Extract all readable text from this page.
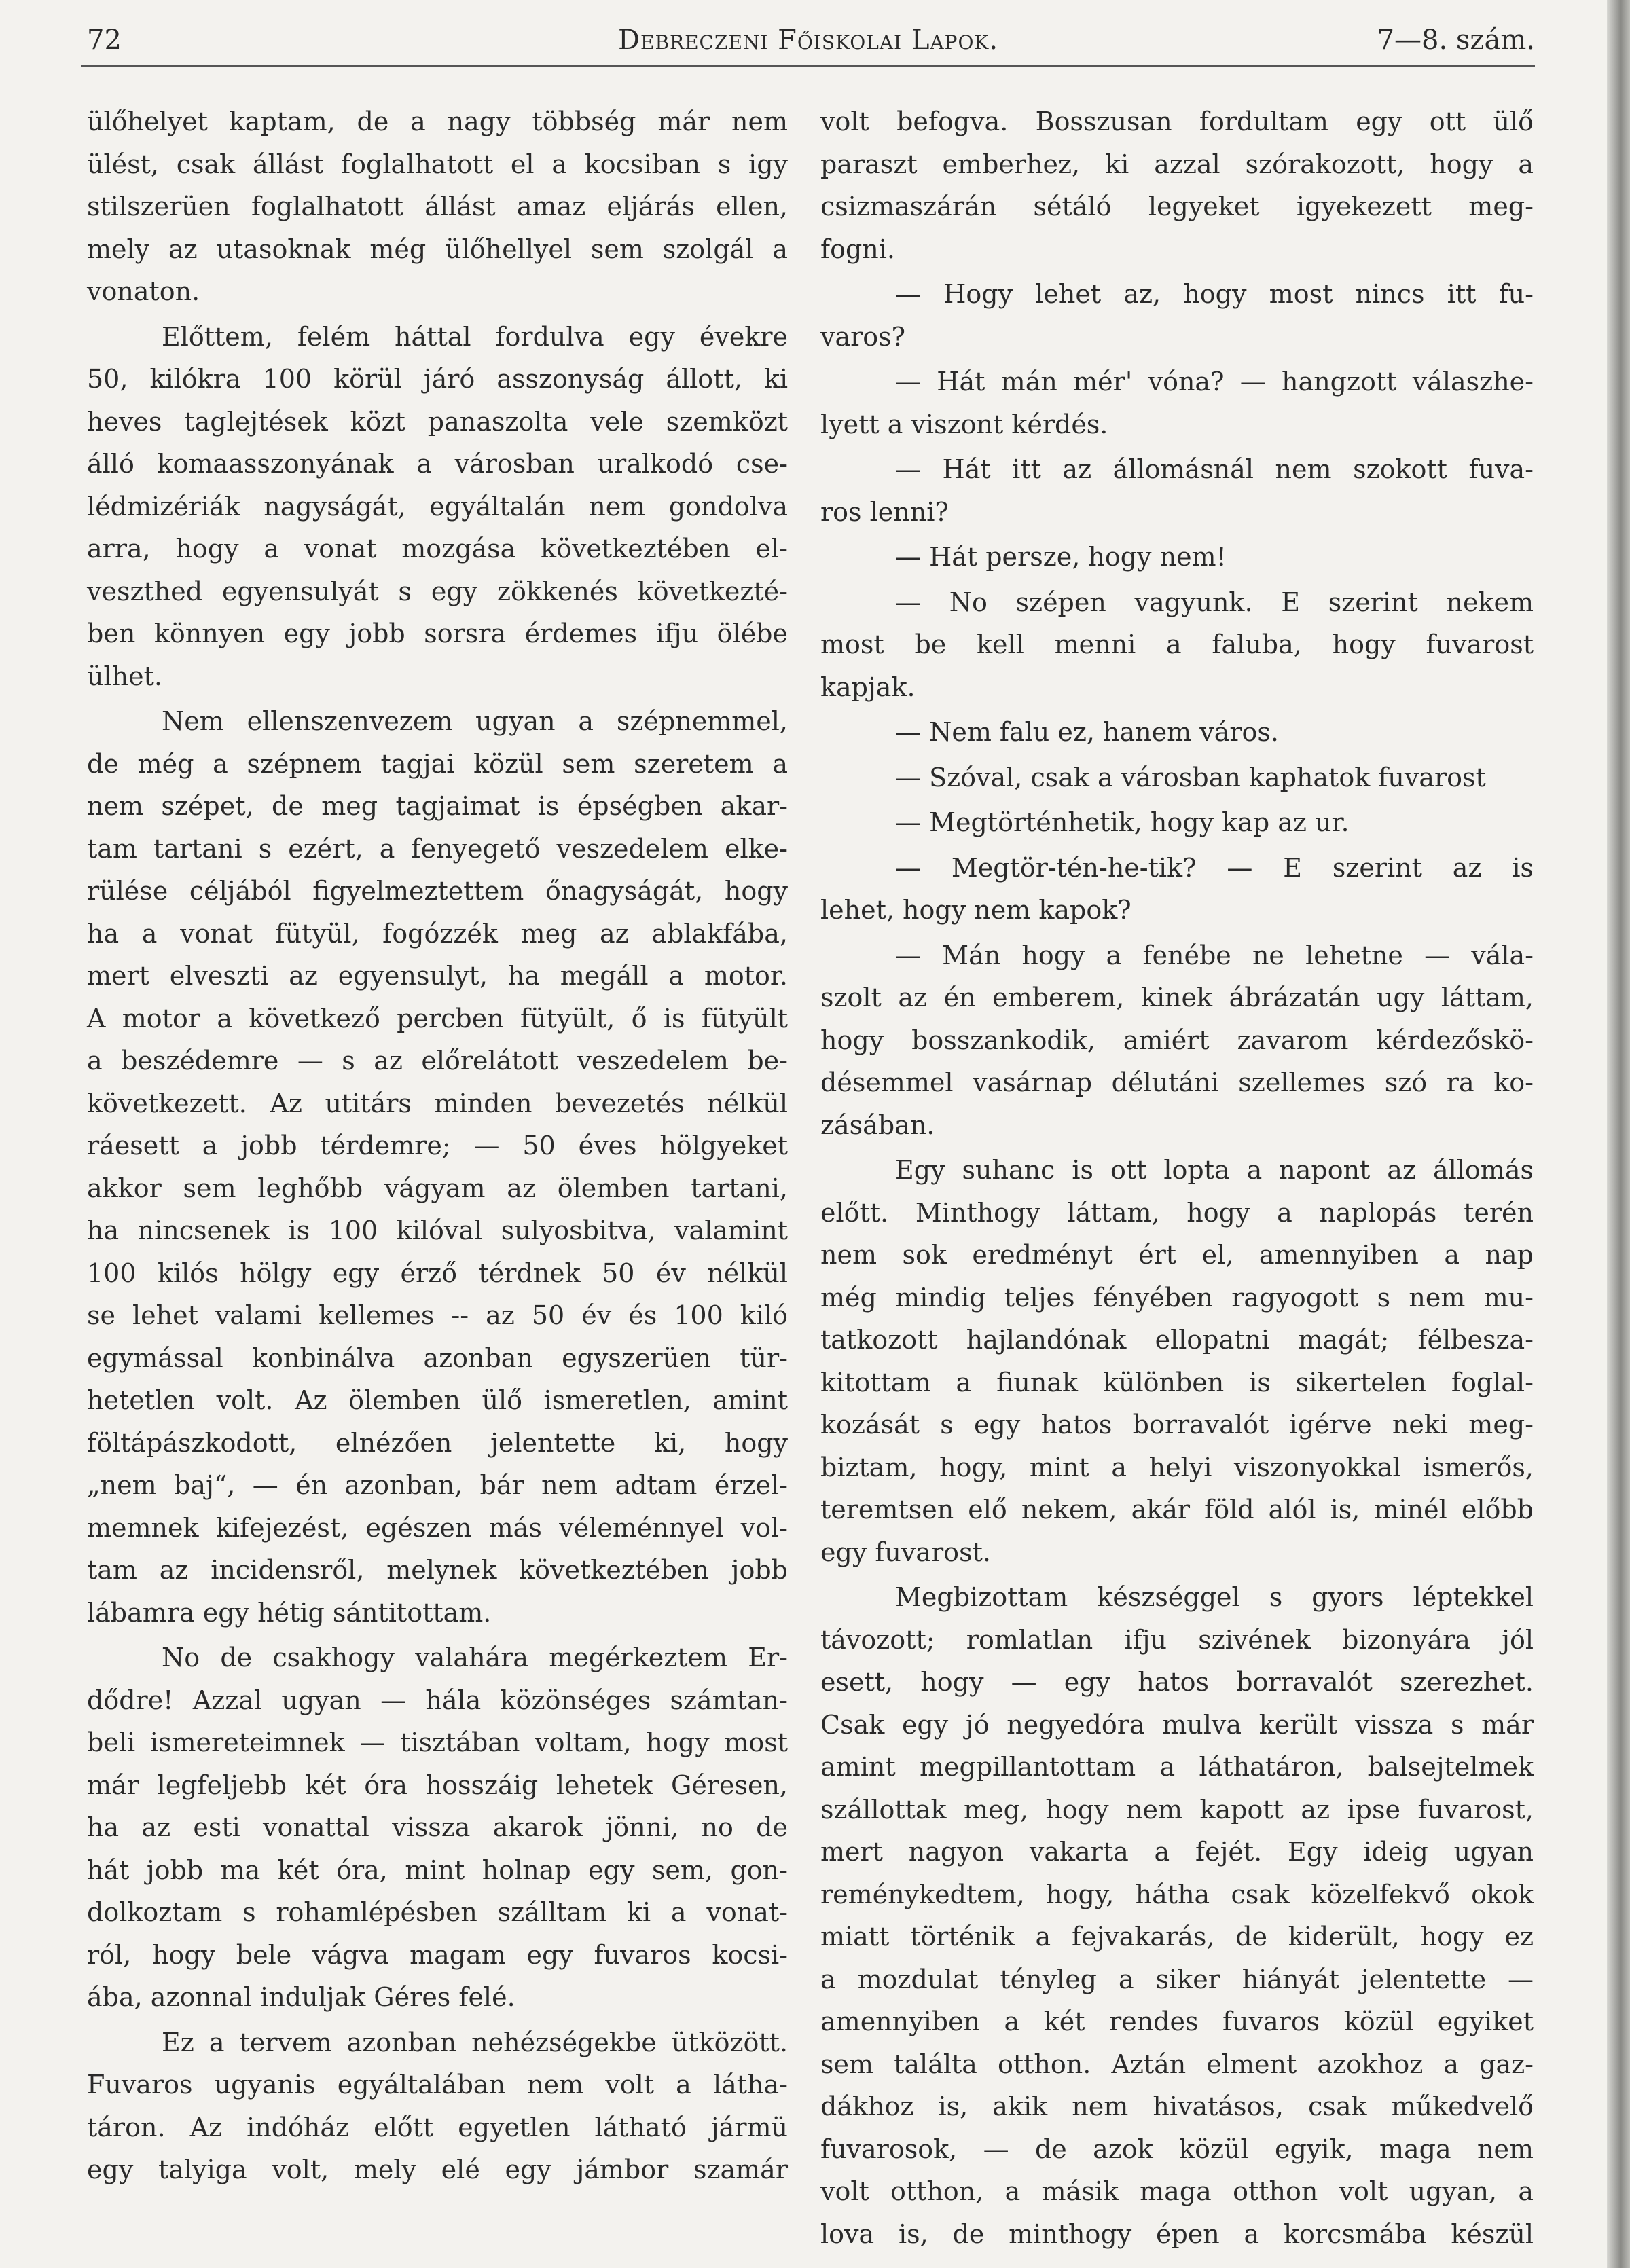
72	Debreczeni Főiskolai Lapok.	7—8. szám.
ülőhelyet kaptam, de a nagy többség már nem
ülést, csak állást foglalhatott el a kocsiban s igy
stilszerüen foglalhatott állást amaz eljárás ellen,
mely az utasoknak még ülőhellyel sem szolgál a
vonaton.
Előttem, felém háttal fordulva egy évekre
50, kilókra 100 körül járó asszonyság állott, ki
heves taglejtések közt panaszolta vele szemközt
álló komaasszonyának a városban uralkodó cse-
lédmizériák nagyságát, egyáltalán nem gondolva
arra, hogy a vonat mozgása következtében el-
veszthed egyensulyát s egy zökkenés következté-
ben könnyen egy jobb sorsra érdemes ifju ölébe
ülhet.
Nem ellenszenvezem ugyan a szépnemmel,
de még a szépnem tagjai közül sem szeretem a
nem szépet, de meg tagjaimat is épségben akar-
tam tartani s ezért, a fenyegető veszedelem elke-
rülése céljából figyelmeztettem őnagyságát, hogy
ha a vonat fütyül, fogózzék meg az ablakfába,
mert elveszti az egyensulyt, ha megáll a motor.
A motor a következő percben fütyült, ő is fütyült
a beszédemre — s az előrelátott veszedelem be-
következett. Az utitárs minden bevezetés nélkül
ráesett a jobb térdemre; — 50 éves hölgyeket
akkor sem leghőbb vágyam az ölemben tartani,
ha nincsenek is 100 kilóval sulyosbitva, valamint
100 kilós hölgy egy érző térdnek 50 év nélkül
se lehet valami kellemes -- az 50 év és 100 kiló
egymással konbinálva azonban egyszerüen tür-
hetetlen volt. Az ölemben ülő ismeretlen, amint
föltápászkodott, elnézően jelentette ki, hogy
„nem baj“, — én azonban, bár nem adtam érzel-
memnek kifejezést, egészen más véleménnyel vol-
tam az incidensről, melynek következtében jobb
lábamra egy hétig sántitottam.
No de csakhogy valahára megérkeztem Er-
dődre! Azzal ugyan — hála közönséges számtan-
beli ismereteimnek — tisztában voltam, hogy most
már legfeljebb két óra hosszáig lehetek Géresen,
ha az esti vonattal vissza akarok jönni, no de
hát jobb ma két óra, mint holnap egy sem, gon-
dolkoztam s rohamlépésben szálltam ki a vonat-
ról, hogy bele vágva magam egy fuvaros kocsi-
ába, azonnal induljak Géres felé.
Ez a tervem azonban nehézségekbe ütközött.
Fuvaros ugyanis egyáltalában nem volt a látha-
táron. Az indóház előtt egyetlen látható jármü
egy talyiga volt, mely elé egy jámbor szamár
volt befogva. Bosszusan fordultam egy ott ülő
paraszt emberhez, ki azzal szórakozott, hogy a
csizmaszárán sétáló legyeket igyekezett meg-
fogni.
— Hogy lehet az, hogy most nincs itt fu-
varos?
— Hát mán mér' vóna? — hangzott válaszhe-
lyett a viszont kérdés.
— Hát itt az állomásnál nem szokott fuva-
ros lenni?
— Hát persze, hogy nem!
— No szépen vagyunk. E szerint nekem
most be kell menni a faluba, hogy fuvarost
kapjak.
— Nem falu ez, hanem város.
— Szóval, csak a városban kaphatok fuvarost
— Megtörténhetik, hogy kap az ur.
— Megtör-tén-he-tik? — E szerint az is
lehet, hogy nem kapok?
— Mán hogy a fenébe ne lehetne — vála-
szolt az én emberem, kinek ábrázatán ugy láttam,
hogy bosszankodik, amiért zavarom kérdezőskö-
désemmel vasárnap délutáni szellemes szó ra ko-
zásában.
Egy suhanc is ott lopta a napont az állomás
előtt. Minthogy láttam, hogy a naplopás terén
nem sok eredményt ért el, amennyiben a nap
még mindig teljes fényében ragyogott s nem mu-
tatkozott hajlandónak ellopatni magát; félbesza-
kitottam a fiunak különben is sikertelen foglal-
kozását s egy hatos borravalót igérve neki meg-
biztam, hogy, mint a helyi viszonyokkal ismerős,
teremtsen elő nekem, akár föld alól is, minél előbb
egy fuvarost.
Megbizottam készséggel s gyors léptekkel
távozott; romlatlan ifju szivének bizonyára jól
esett, hogy — egy hatos borravalót szerezhet.
Csak egy jó negyedóra mulva került vissza s már
amint megpillantottam a láthatáron, balsejtelmek
szállottak meg, hogy nem kapott az ipse fuvarost,
mert nagyon vakarta a fejét. Egy ideig ugyan
reménykedtem, hogy, hátha csak közelfekvő okok
miatt történik a fejvakarás, de kiderült, hogy ez
a mozdulat tényleg a siker hiányát jelentette —
amennyiben a két rendes fuvaros közül egyiket
sem találta otthon. Aztán elment azokhoz a gaz-
dákhoz is, akik nem hivatásos, csak műkedvelő
fuvarosok, — de azok közül egyik, maga nem
volt otthon, a másik maga otthon volt ugyan, a
lova is, de minthogy épen a korcsmába készül
